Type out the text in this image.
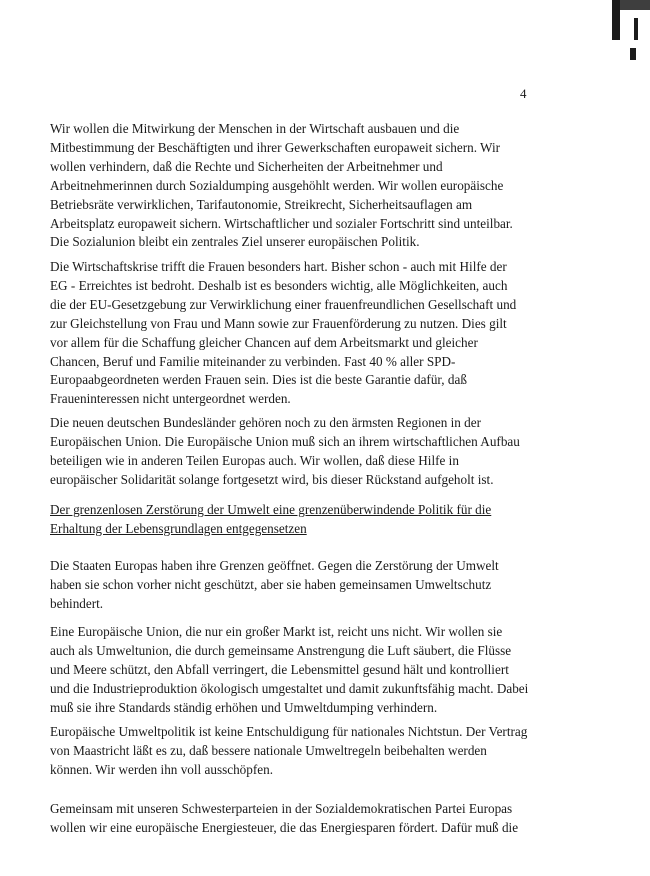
4

Wir wollen die Mitwirkung der Menschen in der Wirtschaft ausbauen und die
Mitbestimmung der Beschäftigten und ihrer Gewerkschaften europaweit sichern. Wir
wollen verhindern, daß die Rechte und Sicherheiten der Arbeitnehmer und
Arbeitnehmerinnen durch Sozialdumping ausgehöhlt werden. Wir wollen europäische
Betriebsräte verwirklichen, Tarifautonomie, Streikrecht, Sicherheitsauflagen am
Arbeitsplatz europaweit sichern. Wirtschaftlicher und sozialer Fortschritt sind unteilbar.
Die Sozialunion bleibt ein zentrales Ziel unserer europäischen Politik.

Die Wirtschaftskrise trifft die Frauen besonders hart. Bisher schon - auch mit Hilfe der
EG - Erreichtes ist bedroht. Deshalb ist es besonders wichtig, alle Möglichkeiten, auch
die der EU-Gesetzgebung zur Verwirklichung einer frauenfreundlichen Gesellschaft und
zur Gleichstellung von Frau und Mann sowie zur Frauenförderung zu nutzen. Dies gilt
vor allem für die Schaffung gleicher Chancen auf dem Arbeitsmarkt und gleicher
Chancen, Beruf und Familie miteinander zu verbinden. Fast 40 % aller SPD-
Europaabgeordneten werden Frauen sein. Dies ist die beste Garantie dafür, daß
Fraueninteressen nicht untergeordnet werden.

Die neuen deutschen Bundesländer gehören noch zu den ärmsten Regionen in der
Europäischen Union. Die Europäische Union muß sich an ihrem wirtschaftlichen Aufbau
beteiligen wie in anderen Teilen Europas auch. Wir wollen, daß diese Hilfe in
europäischer Solidarität solange fortgesetzt wird, bis dieser Rückstand aufgeholt ist.

Der grenzenlosen Zerstörung der Umwelt eine grenzenüberwindende Politik für die
Erhaltung der Lebensgrundlagen entgegensetzen

Die Staaten Europas haben ihre Grenzen geöffnet. Gegen die Zerstörung der Umwelt
haben sie schon vorher nicht geschützt, aber sie haben gemeinsamen Umweltschutz
behindert.

Eine Europäische Union, die nur ein großer Markt ist, reicht uns nicht. Wir wollen sie
auch als Umweltunion, die durch gemeinsame Anstrengung die Luft säubert, die Flüsse
und Meere schützt, den Abfall verringert, die Lebensmittel gesund hält und kontrolliert
und die Industrieproduktion ökologisch umgestaltet und damit zukunftsfähig macht. Dabei
muß sie ihre Standards ständig erhöhen und Umweltdumping verhindern.

Europäische Umweltpolitik ist keine Entschuldigung für nationales Nichtstun. Der Vertrag
von Maastricht läßt es zu, daß bessere nationale Umweltregeln beibehalten werden
können. Wir werden ihn voll ausschöpfen.

Gemeinsam mit unseren Schwesterparteien in der Sozialdemokratischen Partei Europas
wollen wir eine europäische Energiesteuer, die das Energiesparen fördert. Dafür muß die
